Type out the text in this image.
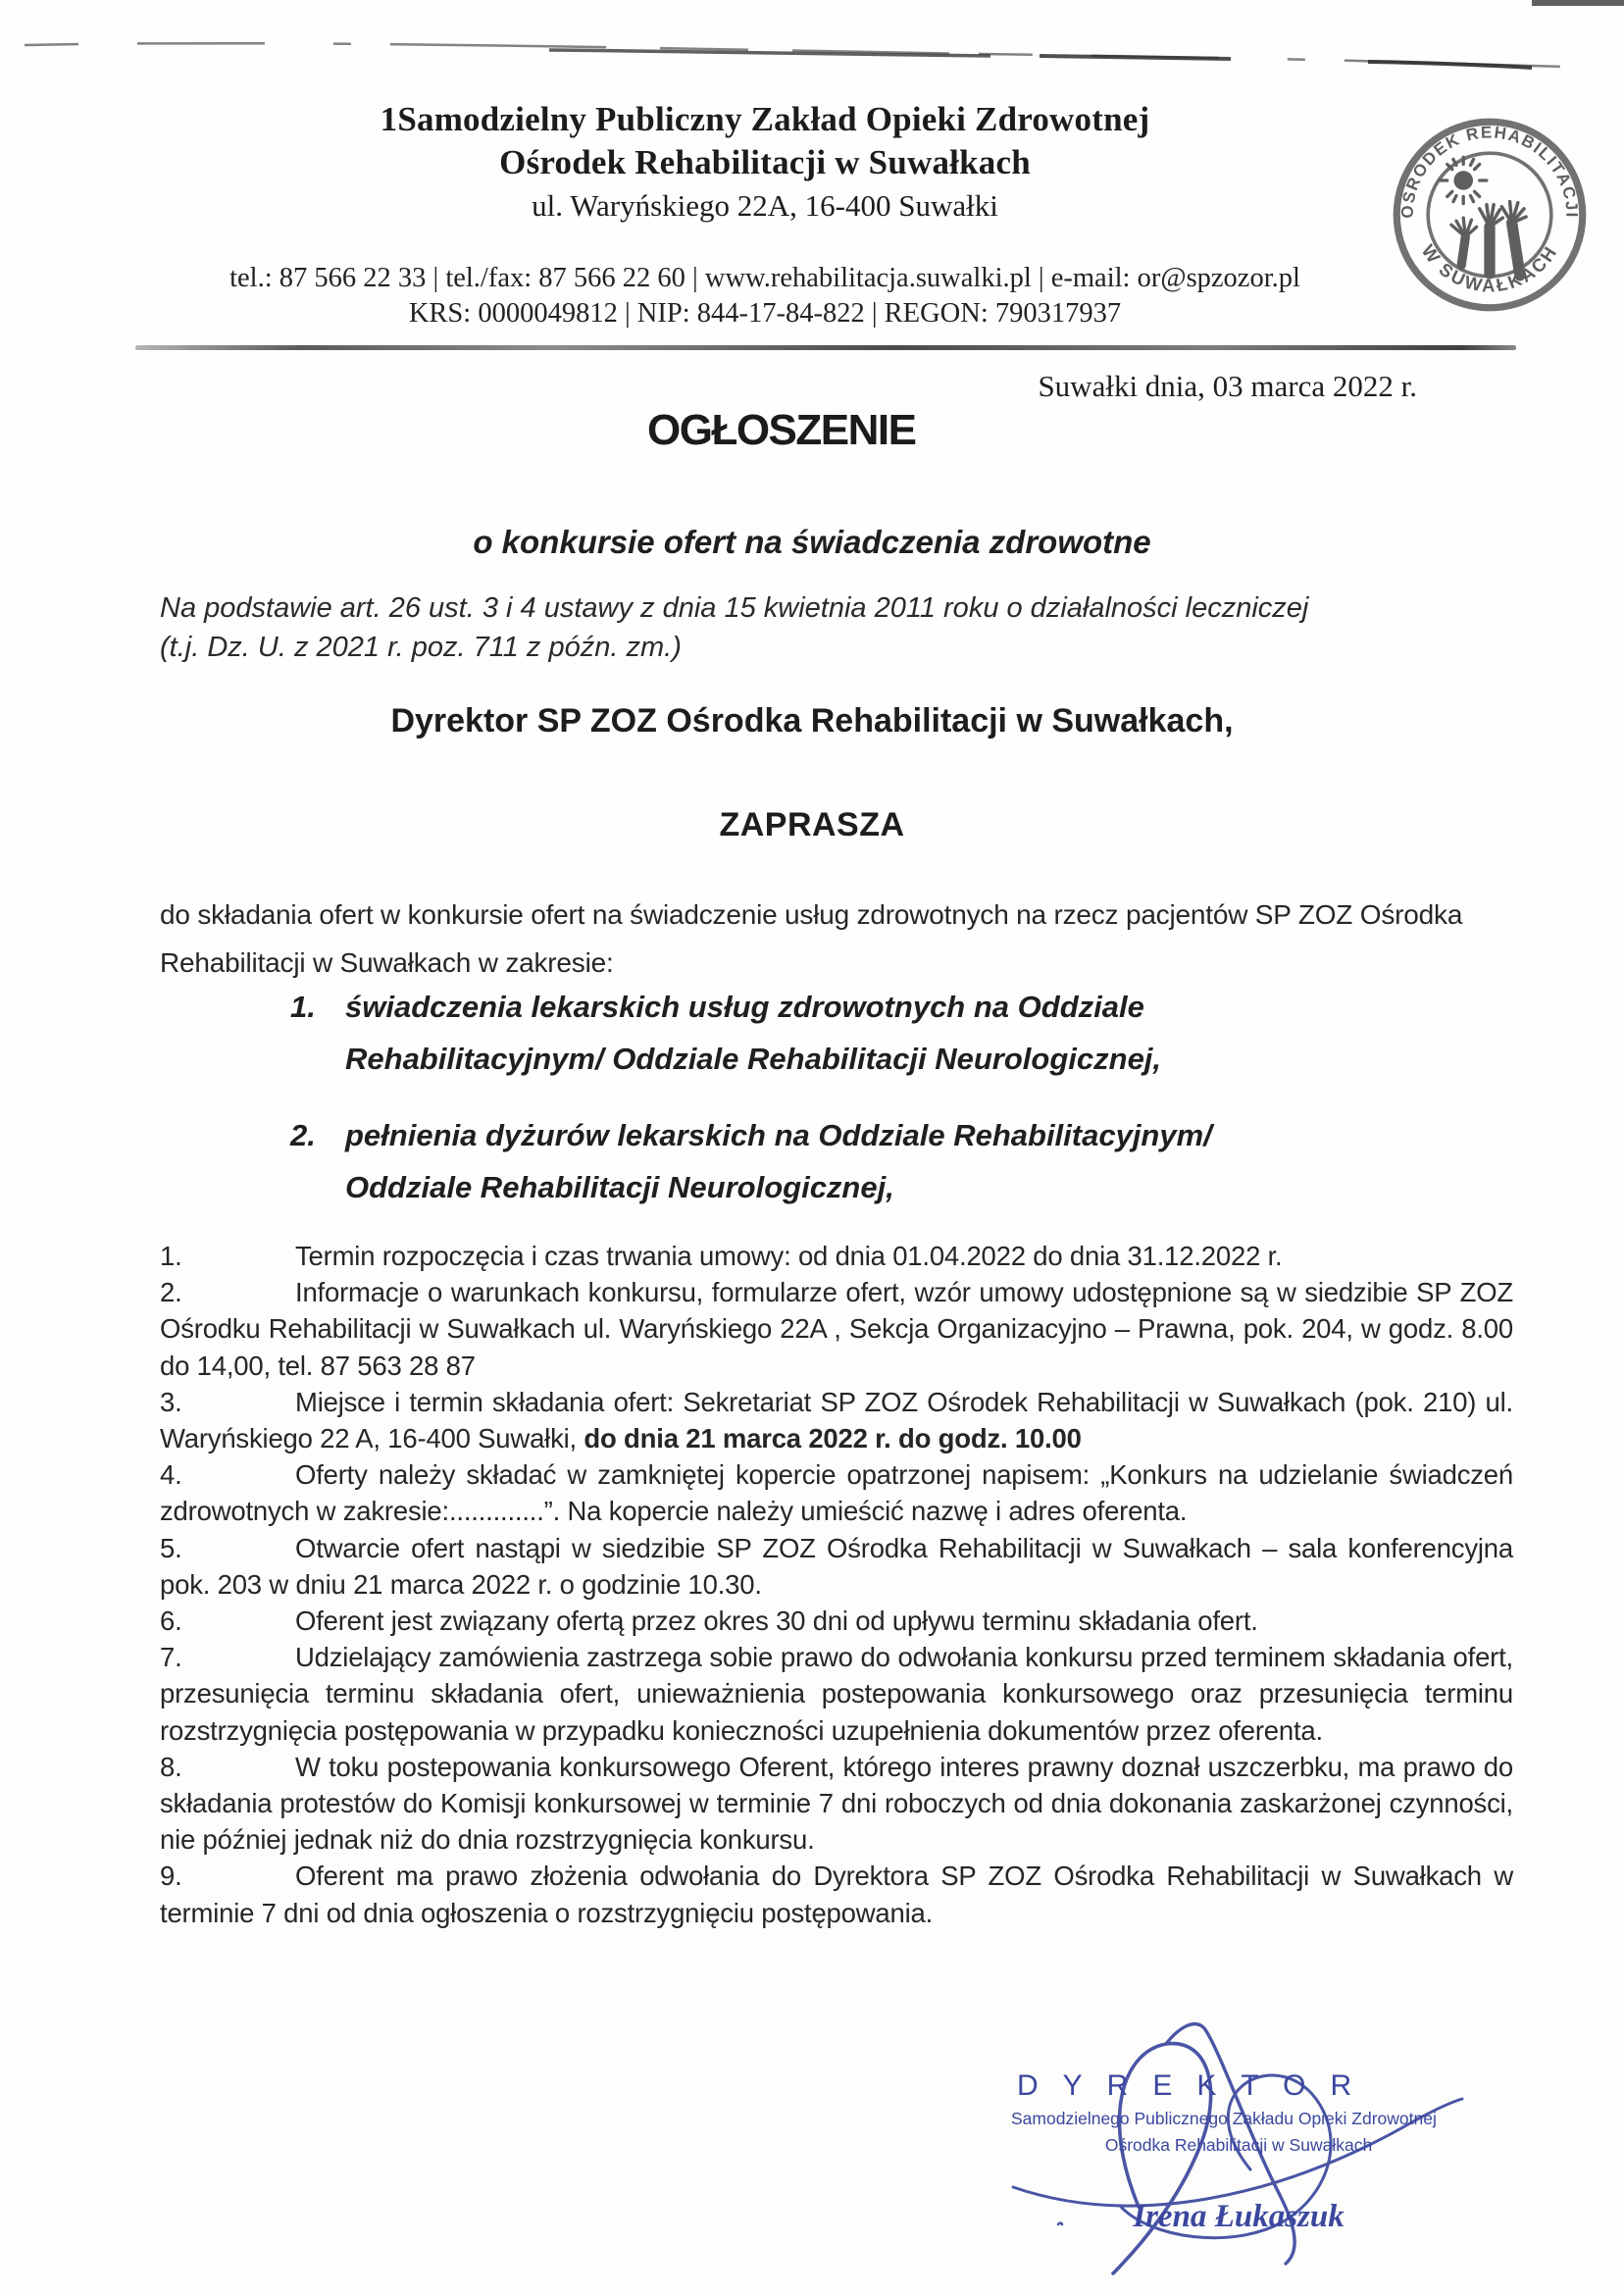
1Samodzielny Publiczny Zakład Opieki Zdrowotnej
Ośrodek Rehabilitacji w Suwałkach
ul. Waryńskiego 22A, 16-400 Suwałki
tel.: 87 566 22 33 | tel./fax: 87 566 22 60 | www.rehabilitacja.suwalki.pl | e-mail: or@spzozor.pl
KRS: 0000049812 | NIP: 844-17-84-822 | REGON: 790317937
OŚRODEK REHABILITACJI
W SUWAŁKACH
Suwałki dnia, 03 marca 2022 r.
OGŁOSZENIE
o konkursie ofert na świadczenia zdrowotne
Na podstawie art. 26 ust. 3 i 4 ustawy z dnia 15 kwietnia 2011 roku o działalności leczniczej
(t.j. Dz. U. z 2021 r. poz. 711 z późn. zm.)
Dyrektor SP ZOZ Ośrodka Rehabilitacji w Suwałkach,
ZAPRASZA
do składania ofert w konkursie ofert na świadczenie usług zdrowotnych na rzecz pacjentów SP ZOZ Ośrodka Rehabilitacji w Suwałkach w zakresie:
1. świadczenia lekarskich usług zdrowotnych na Oddziale Rehabilitacyjnym/ Oddziale Rehabilitacji Neurologicznej,
2. pełnienia dyżurów lekarskich na Oddziale Rehabilitacyjnym/ Oddziale Rehabilitacji Neurologicznej,

1.	Termin rozpoczęcia i czas trwania umowy: od dnia 01.04.2022 do dnia 31.12.2022 r.

2.	Informacje o warunkach konkursu, formularze ofert, wzór umowy udostępnione są w siedzibie SP ZOZ Ośrodku Rehabilitacji w Suwałkach ul. Waryńskiego 22A , Sekcja Organizacyjno – Prawna, pok. 204, w godz. 8.00 do 14,00, tel. 87 563 28 87

3.	Miejsce i termin składania ofert: Sekretariat SP ZOZ Ośrodek Rehabilitacji w Suwałkach (pok. 210) ul. Waryńskiego 22 A, 16-400 Suwałki, do dnia 21 marca 2022 r. do godz. 10.00

4.	Oferty należy składać w zamkniętej kopercie opatrzonej napisem: „Konkurs na udzielanie świadczeń zdrowotnych w zakresie:.............”. Na kopercie należy umieścić nazwę i adres oferenta.

5.	Otwarcie ofert nastąpi w siedzibie SP ZOZ Ośrodka Rehabilitacji w Suwałkach – sala konferencyjna pok. 203 w dniu 21 marca 2022 r. o godzinie 10.30.

6.	Oferent jest związany ofertą przez okres 30 dni od upływu terminu składania ofert.

7.	Udzielający zamówienia zastrzega sobie prawo do odwołania konkursu przed terminem składania ofert, przesunięcia terminu składania ofert, unieważnienia postepowania konkursowego oraz przesunięcia terminu rozstrzygnięcia postępowania w przypadku konieczności uzupełnienia dokumentów przez oferenta.

8.	W toku postepowania konkursowego Oferent, którego interes prawny doznał uszczerbku, ma prawo do składania protestów do Komisji konkursowej w terminie 7 dni roboczych od dnia dokonania zaskarżonej czynności, nie później jednak niż do dnia rozstrzygnięcia konkursu.

9.	Oferent ma prawo złożenia odwołania do Dyrektora SP ZOZ Ośrodka Rehabilitacji w Suwałkach w terminie 7 dni od dnia ogłoszenia o rozstrzygnięciu postępowania.

DYREKTOR
Samodzielnego Publicznego Zakładu Opieki Zdrowotnej
Ośrodka Rehabilitacji w Suwałkach
Irena Łukaszuk
